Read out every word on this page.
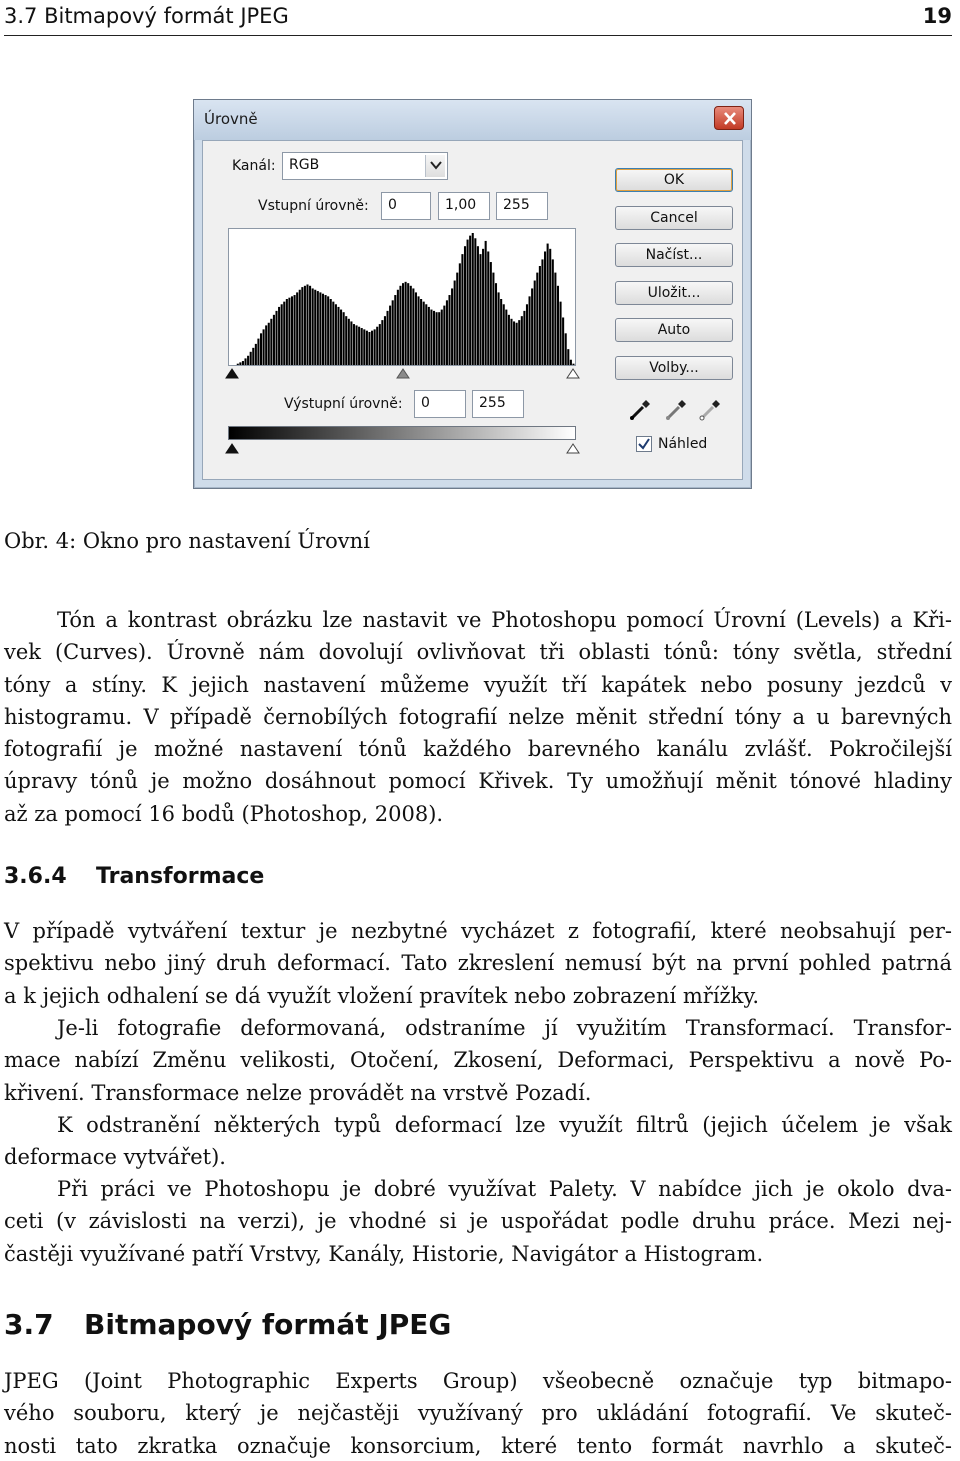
3.7 Bitmapový formát JPEG	19
Úrovně
Kanál: RGB
Vstupní úrovně:	0	1,00	255
Výstupní úrovně:	0	255
OK
Cancel
Načíst...
Uložit...
Auto
Volby...
Náhled
Obr. 4: Okno pro nastavení Úrovní
Tón a kontrast obrázku lze nastavit ve Photoshopu pomocí Úrovní (Levels) a Kři-
vek (Curves). Úrovně nám dovolují ovlivňovat tři oblasti tónů: tóny světla, střední
tóny a stíny. K jejich nastavení můžeme využít tří kapátek nebo posuny jezdců v
histogramu. V případě černobílých fotografií nelze měnit střední tóny a u barevných
fotografií je možné nastavení tónů každého barevného kanálu zvlášť. Pokročilejší
úpravy tónů je možno dosáhnout pomocí Křivek. Ty umožňují měnit tónové hladiny
až za pomocí 16 bodů (Photoshop, 2008).
3.6.4 Transformace
V případě vytváření textur je nezbytné vycházet z fotografií, které neobsahují per-
spektivu nebo jiný druh deformací. Tato zkreslení nemusí být na první pohled patrná
a k jejich odhalení se dá využít vložení pravítek nebo zobrazení mřížky.
Je-li fotografie deformovaná, odstraníme jí využitím Transformací. Transfor-
mace nabízí Změnu velikosti, Otočení, Zkosení, Deformaci, Perspektivu a nově Po-
křivení. Transformace nelze provádět na vrstvě Pozadí.
K odstranění některých typů deformací lze využít filtrů (jejich účelem je však
deformace vytvářet).
Při práci ve Photoshopu je dobré využívat Palety. V nabídce jich je okolo dva-
ceti (v závislosti na verzi), je vhodné si je uspořádat podle druhu práce. Mezi nej-
častěji využívané patří Vrstvy, Kanály, Historie, Navigátor a Histogram.
3.7 Bitmapový formát JPEG
JPEG (Joint Photographic Experts Group) všeobecně označuje typ bitmapo-
vého souboru, který je nejčastěji využívaný pro ukládání fotografií. Ve skuteč-
nosti tato zkratka označuje konsorcium, které tento formát navrhlo a skuteč-
